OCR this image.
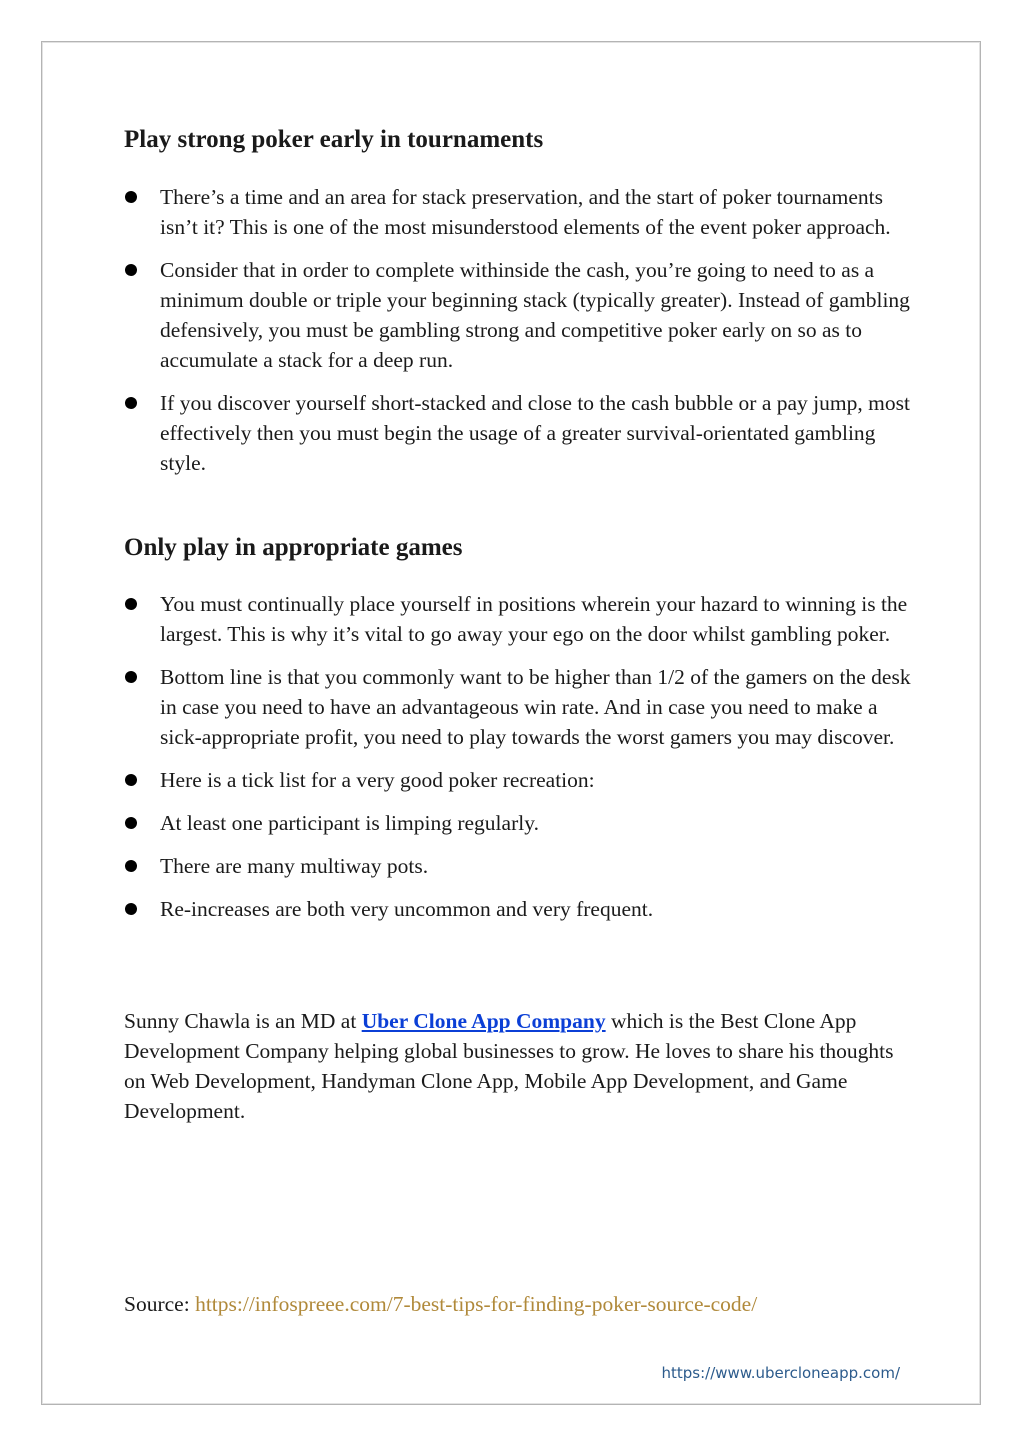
Play strong poker early in tournaments
There’s a time and an area for stack preservation, and the start of poker tournaments isn’t it? This is one of the most misunderstood elements of the event poker approach.
Consider that in order to complete withinside the cash, you’re going to need to as a minimum double or triple your beginning stack (typically greater). Instead of gambling defensively, you must be gambling strong and competitive poker early on so as to accumulate a stack for a deep run.
If you discover yourself short-stacked and close to the cash bubble or a pay jump, most effectively then you must begin the usage of a greater survival-orientated gambling style.
Only play in appropriate games
You must continually place yourself in positions wherein your hazard to winning is the largest. This is why it’s vital to go away your ego on the door whilst gambling poker.
Bottom line is that you commonly want to be higher than 1/2 of the gamers on the desk in case you need to have an advantageous win rate. And in case you need to make a sick-appropriate profit, you need to play towards the worst gamers you may discover.
Here is a tick list for a very good poker recreation:
At least one participant is limping regularly.
There are many multiway pots.
Re-increases are both very uncommon and very frequent.

Sunny Chawla is an MD at Uber Clone App Company which is the Best Clone App Development Company helping global businesses to grow. He loves to share his thoughts on Web Development, Handyman Clone App, Mobile App Development, and Game Development.

Source: https://infospreee.com/7-best-tips-for-finding-poker-source-code/

https://www.ubercloneapp.com/
